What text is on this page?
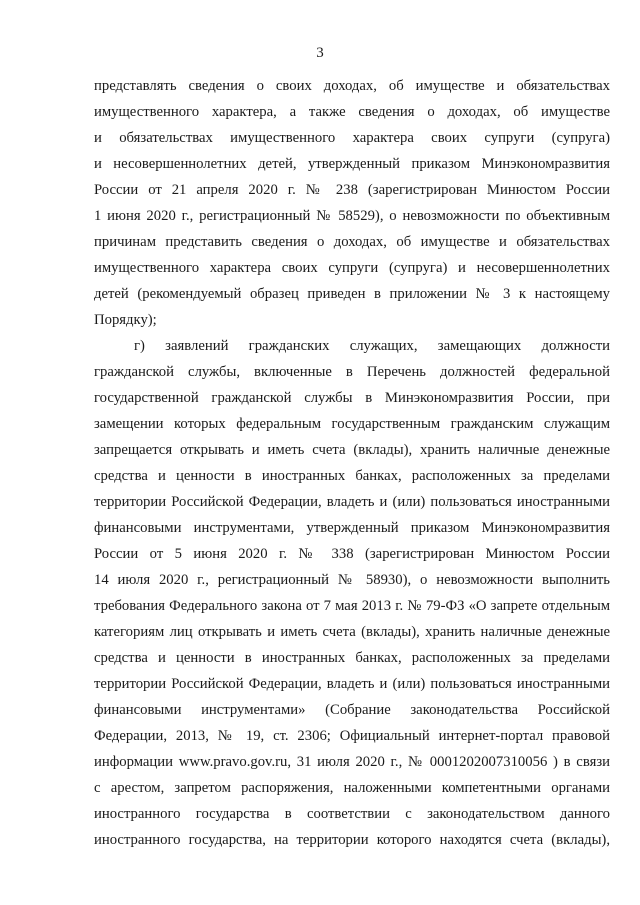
3
представлять сведения о своих доходах, об имуществе и обязательствах
имущественного характера, а также сведения о доходах, об имуществе
и обязательствах имущественного характера своих супруги (супруга)
и несовершеннолетних детей, утвержденный приказом Минэкономразвития
России от 21 апреля 2020 г. № 238 (зарегистрирован Минюстом России
1 июня 2020 г., регистрационный № 58529), о невозможности по объективным
причинам представить сведения о доходах, об имуществе и обязательствах
имущественного характера своих супруги (супруга) и несовершеннолетних
детей (рекомендуемый образец приведен в приложении № 3 к настоящему
Порядку);
г) заявлений гражданских служащих, замещающих должности
гражданской службы, включенные в Перечень должностей федеральной
государственной гражданской службы в Минэкономразвития России, при
замещении которых федеральным государственным гражданским служащим
запрещается открывать и иметь счета (вклады), хранить наличные денежные
средства и ценности в иностранных банках, расположенных за пределами
территории Российской Федерации, владеть и (или) пользоваться иностранными
финансовыми инструментами, утвержденный приказом Минэкономразвития
России от 5 июня 2020 г. № 338 (зарегистрирован Минюстом России
14 июля 2020 г., регистрационный № 58930), о невозможности выполнить
требования Федерального закона от 7 мая 2013 г. № 79-ФЗ «О запрете отдельным
категориям лиц открывать и иметь счета (вклады), хранить наличные денежные
средства и ценности в иностранных банках, расположенных за пределами
территории Российской Федерации, владеть и (или) пользоваться иностранными
финансовыми инструментами» (Собрание законодательства Российской
Федерации, 2013, № 19, ст. 2306; Официальный интернет-портал правовой
информации www.pravo.gov.ru, 31 июля 2020 г., № 0001202007310056 ) в связи
с арестом, запретом распоряжения, наложенными компетентными органами
иностранного государства в соответствии с законодательством данного
иностранного государства, на территории которого находятся счета (вклады),
